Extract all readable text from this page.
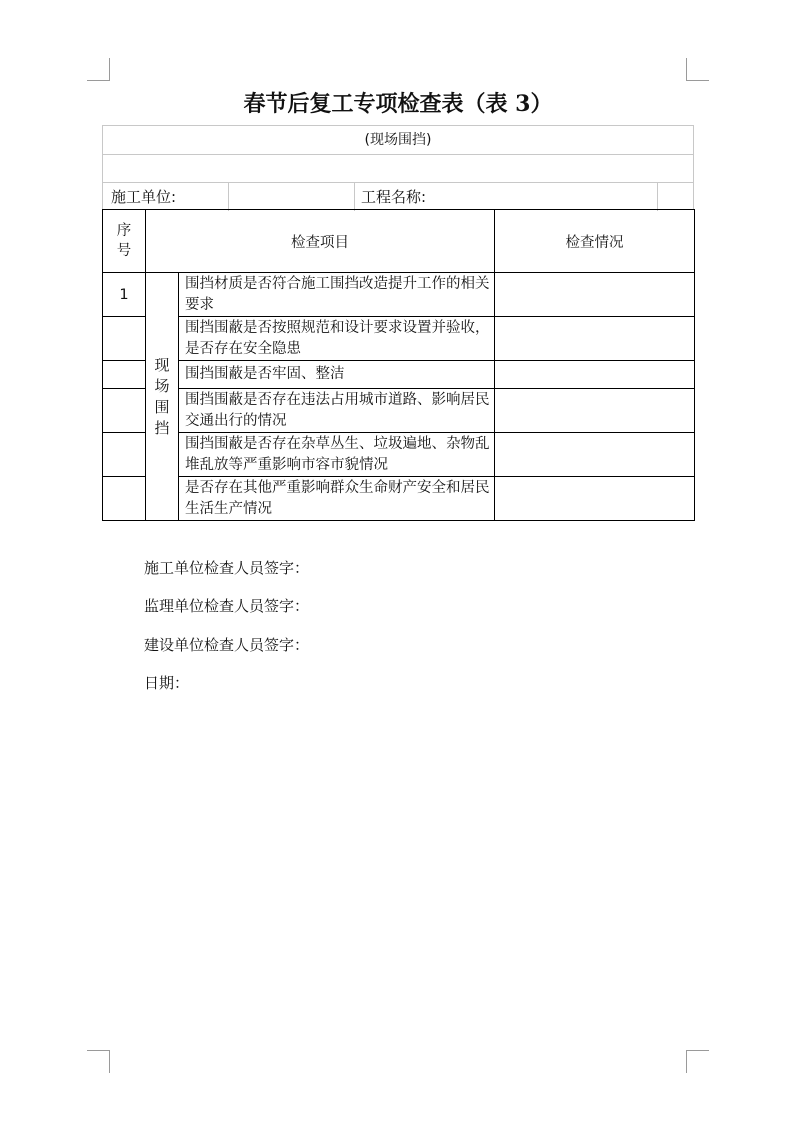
春节后复工专项检查表（表 3）
(现场围挡)
施工单位:	工程名称:
序号	检查项目		检查情况
1	现场围挡	围挡材质是否符合施工围挡改造提升工作的相关要求	
		围挡围蔽是否按照规范和设计要求设置并验收，是否存在安全隐患	
		围挡围蔽是否牢固、整洁	
		围挡围蔽是否存在违法占用城市道路、影响居民交通出行的情况	
		围挡围蔽是否存在杂草丛生、垃圾遍地、杂物乱堆乱放等严重影响市容市貌情况	
		是否存在其他严重影响群众生命财产安全和居民生活生产情况	
施工单位检查人员签字：
监理单位检查人员签字：
建设单位检查人员签字：
日期：
